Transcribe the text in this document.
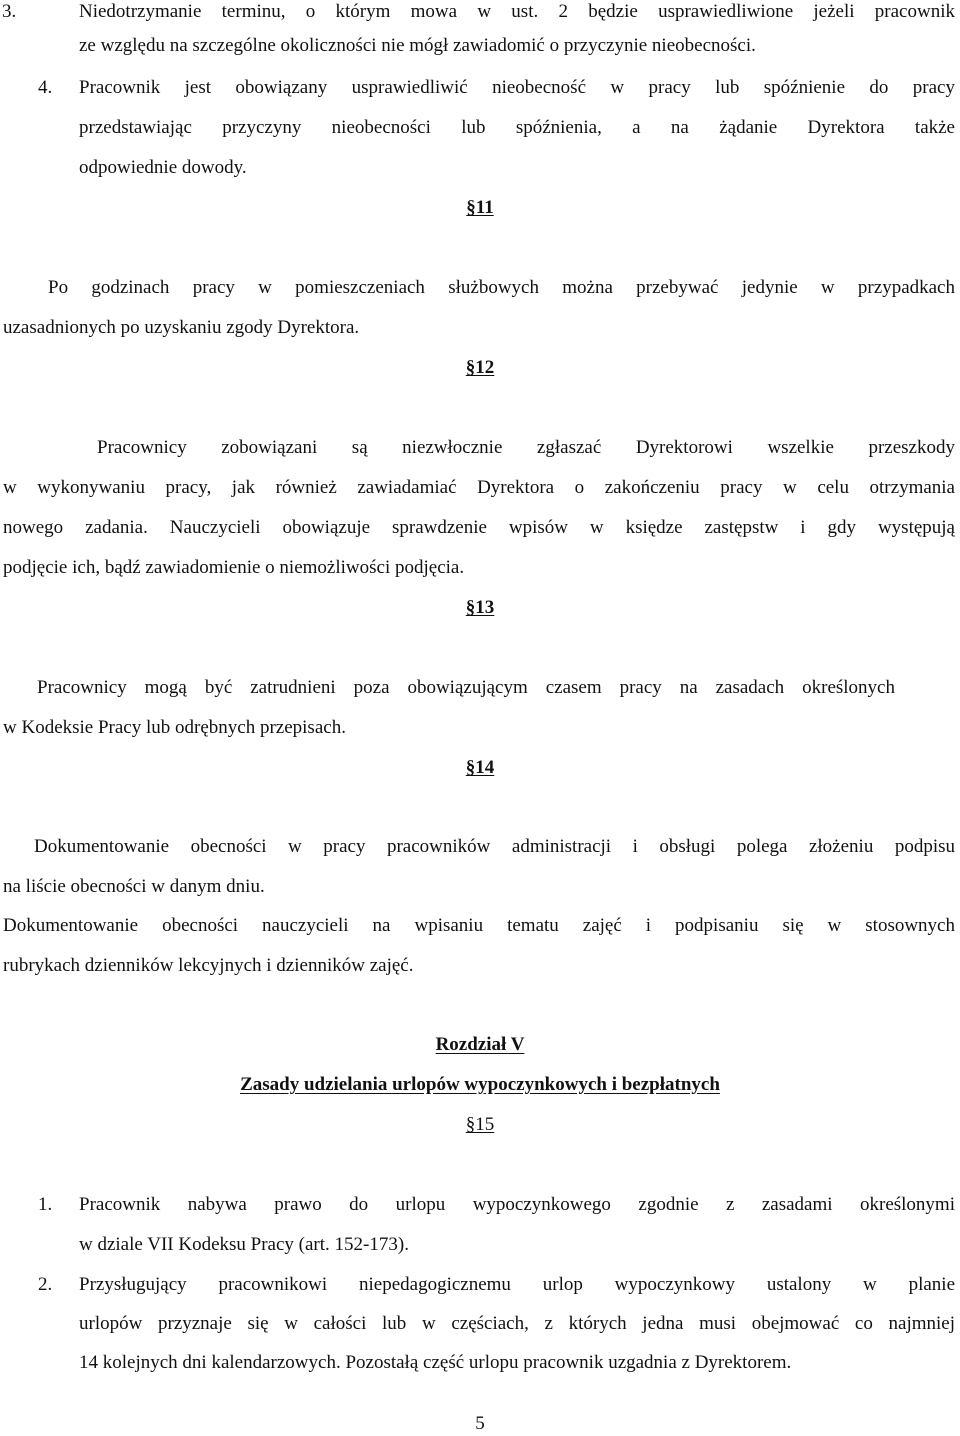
3.	Niedotrzymanie terminu, o którym mowa w ust. 2 będzie usprawiedliwione jeżeli pracownik
ze względu na szczególne okoliczności nie mógł zawiadomić o przyczynie nieobecności.
4. Pracownik jest obowiązany usprawiedliwić nieobecność w pracy lub spóźnienie do pracy
przedstawiając przyczyny nieobecności lub spóźnienia, a na żądanie Dyrektora także
odpowiednie dowody.
§11
Po godzinach pracy w pomieszczeniach służbowych można przebywać jedynie w przypadkach
uzasadnionych po uzyskaniu zgody Dyrektora.
§12
Pracownicy zobowiązani są niezwłocznie zgłaszać Dyrektorowi wszelkie przeszkody
w wykonywaniu pracy, jak również zawiadamiać Dyrektora o zakończeniu pracy w celu otrzymania
nowego zadania. Nauczycieli obowiązuje sprawdzenie wpisów w księdze zastępstw i gdy występują
podjęcie ich, bądź zawiadomienie o niemożliwości podjęcia.
§13
Pracownicy mogą być zatrudnieni poza obowiązującym czasem pracy na zasadach określonych
w Kodeksie Pracy lub odrębnych przepisach.
§14
Dokumentowanie obecności w pracy pracowników administracji i obsługi polega złożeniu podpisu
na liście obecności w danym dniu.
Dokumentowanie obecności nauczycieli na wpisaniu tematu zajęć i podpisaniu się w stosownych
rubrykach dzienników lekcyjnych i dzienników zajęć.
Rozdział V
Zasady udzielania urlopów wypoczynkowych i bezpłatnych
§15
1. Pracownik nabywa prawo do urlopu wypoczynkowego zgodnie z zasadami określonymi
w dziale VII Kodeksu Pracy (art. 152-173).
2. Przysługujący pracownikowi niepedagogicznemu urlop wypoczynkowy ustalony w planie
urlopów przyznaje się w całości lub w częściach, z których jedna musi obejmować co najmniej
14 kolejnych dni kalendarzowych. Pozostałą część urlopu pracownik uzgadnia z Dyrektorem.
5
